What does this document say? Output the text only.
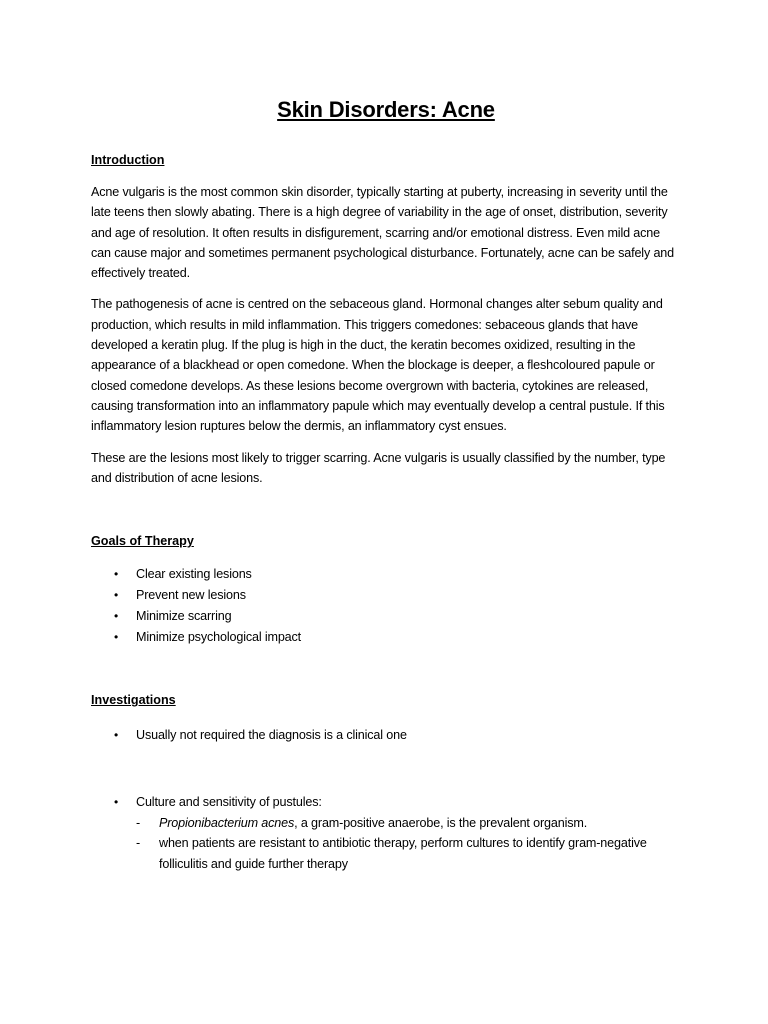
Skin Disorders: Acne
Introduction

Acne vulgaris is the most common skin disorder, typically starting at puberty, increasing in severity until the late teens then slowly abating. There is a high degree of variability in the age of onset, distribution, severity and age of resolution. It often results in disfigurement, scarring and/or emotional distress. Even mild acne can cause major and sometimes permanent psychological disturbance. Fortunately, acne can be safely and effectively treated.

The pathogenesis of acne is centred on the sebaceous gland. Hormonal changes alter sebum quality and production, which results in mild inflammation. This triggers comedones: sebaceous glands that have developed a keratin plug. If the plug is high in the duct, the keratin becomes oxidized, resulting in the appearance of a blackhead or open comedone. When the blockage is deeper, a fleshcoloured papule or closed comedone develops. As these lesions become overgrown with bacteria, cytokines are released, causing transformation into an inflammatory papule which may eventually develop a central pustule. If this inflammatory lesion ruptures below the dermis, an inflammatory cyst ensues.

These are the lesions most likely to trigger scarring. Acne vulgaris is usually classified by the number, type and distribution of acne lesions.

Goals of Therapy
• Clear existing lesions
• Prevent new lesions
• Minimize scarring
• Minimize psychological impact
Investigations
• Usually not required the diagnosis is a clinical one
• Culture and sensitivity of pustules:
- Propionibacterium acnes, a gram-positive anaerobe, is the prevalent organism.
- when patients are resistant to antibiotic therapy, perform cultures to identify gram-negative folliculitis and guide further therapy
